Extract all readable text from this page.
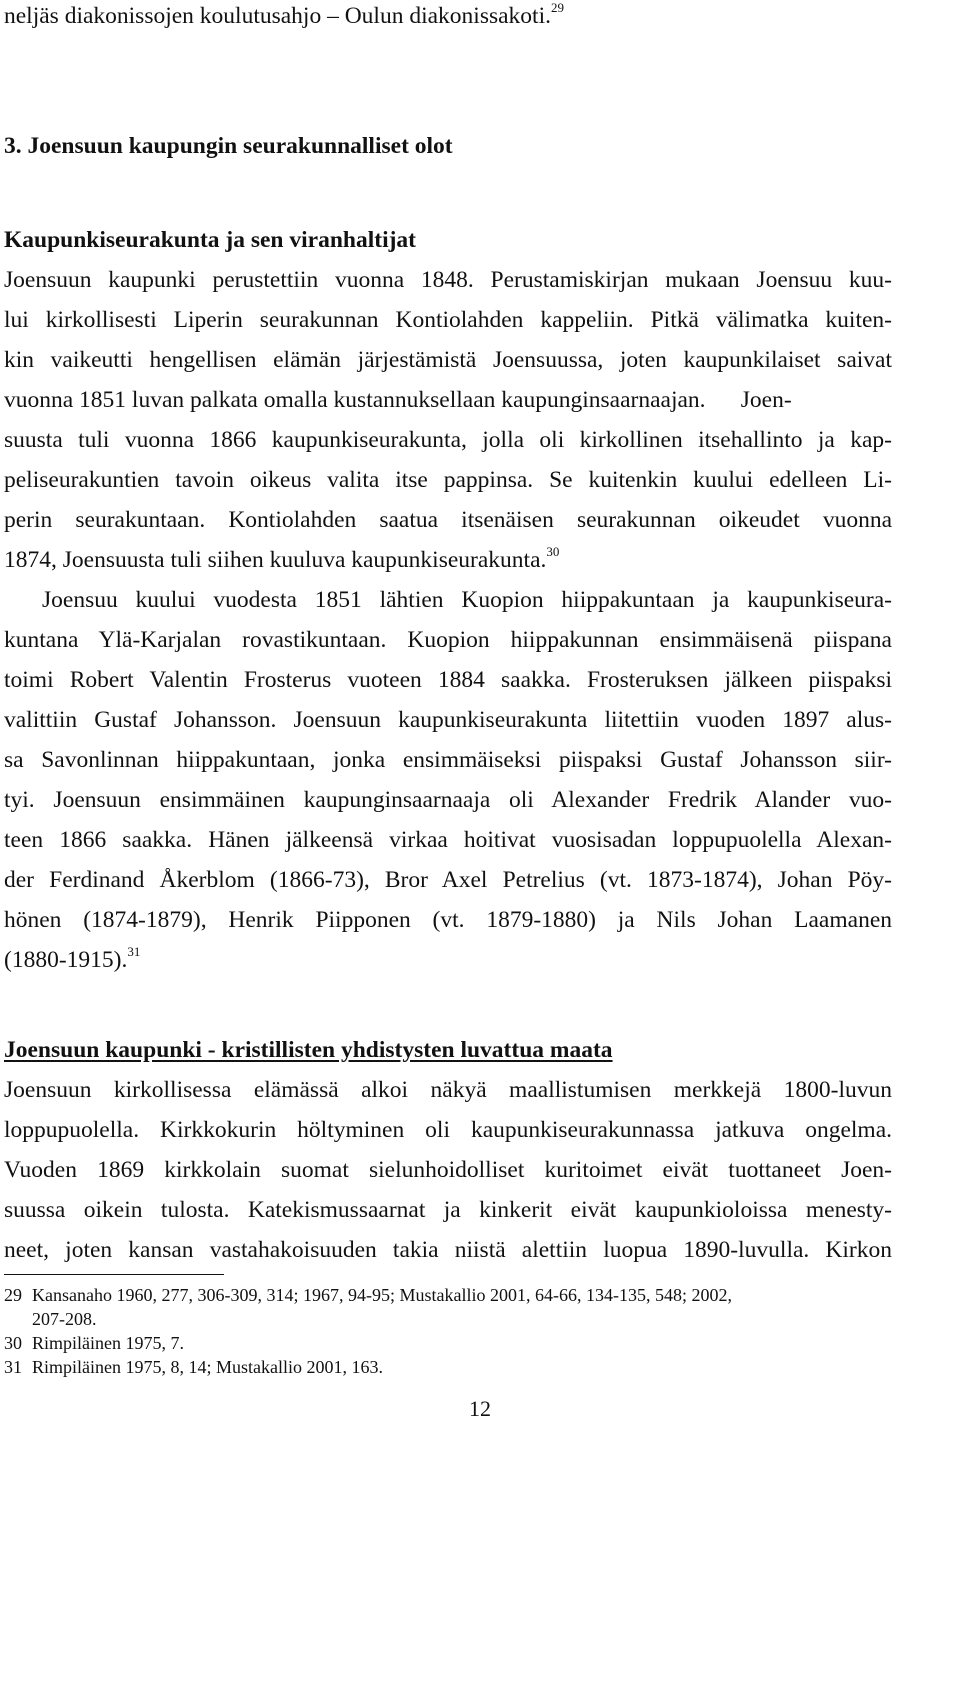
neljäs diakonissojen koulutusahjo – Oulun diakonissakoti.$^{29}$
3. Joensuun kaupungin seurakunnalliset olot
Kaupunkiseurakunta ja sen viranhaltijat
Joensuun kaupunki perustettiin vuonna 1848. Perustamiskirjan mukaan Joensuu kuu-
lui kirkollisesti Liperin seurakunnan Kontiolahden kappeliin. Pitkä välimatka kuiten-
kin vaikeutti hengellisen elämän järjestämistä Joensuussa, joten kaupunkilaiset saivat
vuonna 1851 luvan palkata omalla kustannuksellaan kaupunginsaarnaajan.      Joen-
suusta tuli vuonna 1866 kaupunkiseurakunta, jolla oli kirkollinen itsehallinto ja kap-
peliseurakuntien tavoin oikeus valita itse pappinsa. Se kuitenkin kuului edelleen Li-
perin seurakuntaan. Kontiolahden saatua itsenäisen seurakunnan oikeudet vuonna
1874, Joensuusta tuli siihen kuuluva kaupunkiseurakunta.$^{30}$
Joensuu kuului vuodesta 1851 lähtien Kuopion hiippakuntaan ja kaupunkiseura-
kuntana Ylä-Karjalan rovastikuntaan. Kuopion hiippakunnan ensimmäisenä piispana
toimi Robert Valentin Frosterus vuoteen 1884 saakka. Frosteruksen jälkeen piispaksi
valittiin Gustaf Johansson. Joensuun kaupunkiseurakunta liitettiin vuoden 1897 alus-
sa Savonlinnan hiippakuntaan, jonka ensimmäiseksi piispaksi Gustaf Johansson siir-
tyi. Joensuun ensimmäinen kaupunginsaarnaaja oli Alexander Fredrik Alander vuo-
teen 1866 saakka. Hänen jälkeensä virkaa hoitivat vuosisadan loppupuolella Alexan-
der Ferdinand Åkerblom (1866-73), Bror Axel Petrelius (vt. 1873-1874), Johan Pöy-
hönen (1874-1879), Henrik Piipponen (vt. 1879-1880) ja Nils Johan Laamanen
(1880-1915).$^{31}$
Joensuun kaupunki - kristillisten yhdistysten luvattua maata
Joensuun kirkollisessa elämässä alkoi näkyä maallistumisen merkkejä 1800-luvun
loppupuolella. Kirkkokurin höltyminen oli kaupunkiseurakunnassa jatkuva ongelma.
Vuoden 1869 kirkkolain suomat sielunhoidolliset kuritoimet eivät tuottaneet Joen-
suussa oikein tulosta. Katekismussaarnat ja kinkerit eivät kaupunkioloissa menesty-
neet, joten kansan vastahakoisuuden takia niistä alettiin luopua 1890-luvulla. Kirkon
29 Kansanaho 1960, 277, 306-309, 314; 1967, 94-95; Mustakallio 2001, 64-66, 134-135, 548; 2002,
207-208.
30 Rimpiläinen 1975, 7.
31 Rimpiläinen 1975, 8, 14; Mustakallio 2001, 163.
12
